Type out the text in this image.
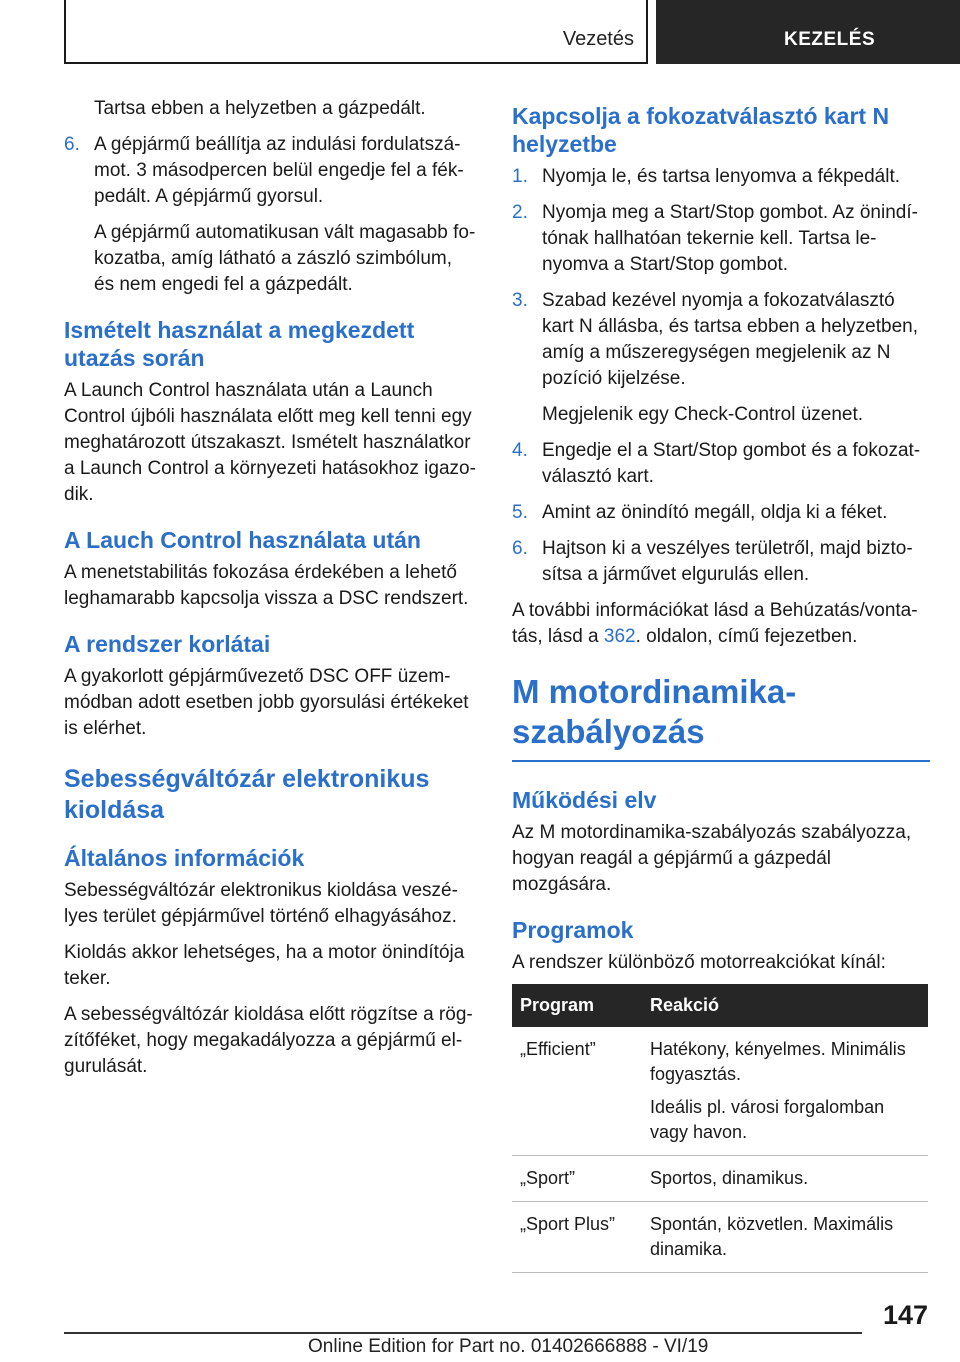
Vezetés	KEZELÉS

Tartsa ebben a helyzetben a gázpedált.

6. A gépjármű beállítja az indulási fordulatszámot. 3 másodpercen belül engedje fel a fékpedált. A gépjármű gyorsul.

A gépjármű automatikusan vált magasabb fokozatba, amíg látható a zászló szimbólum, és nem engedi fel a gázpedált.

Ismételt használat a megkezdett utazás során

A Launch Control használata után a Launch Control újbóli használata előtt meg kell tenni egy meghatározott útszakaszt. Ismételt használatkor a Launch Control a környezeti hatásokhoz igazodik.

A Lauch Control használata után

A menetstabilitás fokozása érdekében a lehető leghamarabb kapcsolja vissza a DSC rendszert.

A rendszer korlátai

A gyakorlott gépjárművezető DSC OFF üzemmódban adott esetben jobb gyorsulási értékeket is elérhet.

Sebességváltózár elektronikus kioldása
Általános információk

Sebességváltózár elektronikus kioldása veszélyes terület gépjárművel történő elhagyásához.

Kioldás akkor lehetséges, ha a motor önindítója teker.

A sebességváltózár kioldása előtt rögzítse a rögzítőféket, hogy megakadályozza a gépjármű elgurulását.

Kapcsolja a fokozatválasztó kart N helyzetbe
1. Nyomja le, és tartsa lenyomva a fékpedált.

2. Nyomja meg a Start/Stop gombot. Az önindítónak hallhatóan tekernie kell. Tartsa lenyomva a Start/Stop gombot.

3. Szabad kezével nyomja a fokozatválasztó kart N állásba, és tartsa ebben a helyzetben, amíg a műszeregységen megjelenik az N pozíció kijelzése.

Megjelenik egy Check-Control üzenet.

4. Engedje el a Start/Stop gombot és a fokozatválasztó kart.

5. Amint az önindító megáll, oldja ki a féket.

6. Hajtson ki a veszélyes területről, majd biztosítsa a járművet elgurulás ellen.

A további információkat lásd a Behúzatás/vontatás, lásd a 362. oldalon, című fejezetben.

M motordinamika-szabályozás
Működési elv

Az M motordinamika-szabályozás szabályozza, hogyan reagál a gépjármű a gázpedál mozgására.

Programok

A rendszer különböző motorreakciókat kínál:

Program	Reakció
„Efficient”	Hatékony, kényelmes. Minimális fogyasztás.

Ideális pl. városi forgalomban vagy havon.

„Sport”	Sportos, dinamikus.

„Sport Plus”	Spontán, közvetlen. Maximális dinamika.

147
Online Edition for Part no. 01402666888 - VI/19
